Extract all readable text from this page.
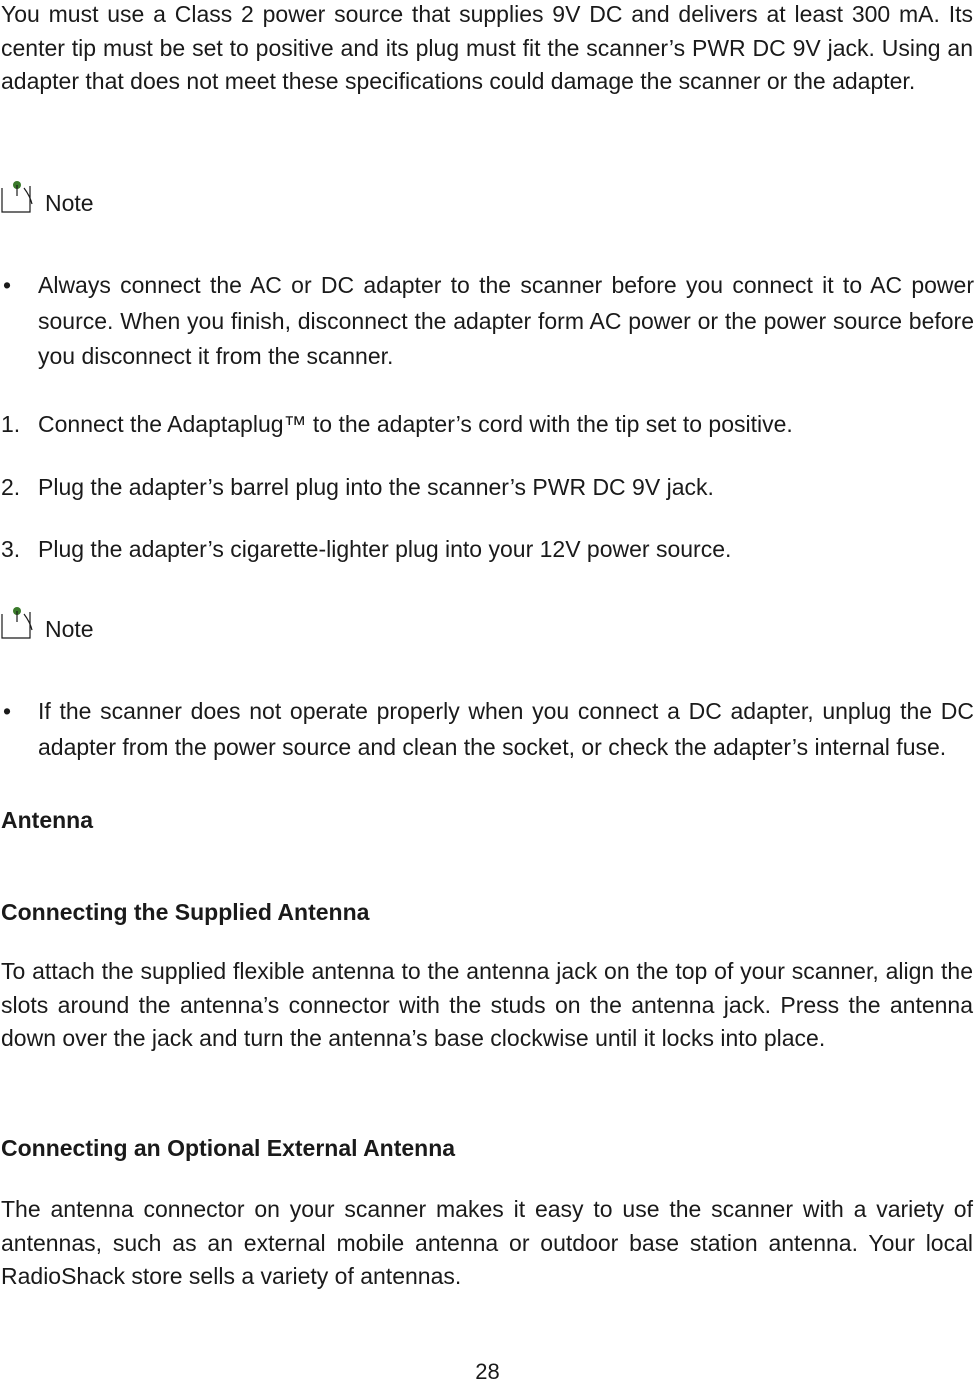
You must use a Class 2 power source that supplies 9V DC and delivers at least 300 mA. Its center tip must be set to positive and its plug must fit the scanner’s PWR DC 9V jack. Using an adapter that does not meet these specifications could damage the scanner or the adapter.

Note
• Always connect the AC or DC adapter to the scanner before you connect it to AC power source. When you finish, disconnect the adapter form AC power or the power source before you disconnect it from the scanner.
1. Connect the Adaptaplug™ to the adapter’s cord with the tip set to positive.
2. Plug the adapter’s barrel plug into the scanner’s PWR DC 9V jack.
3. Plug the adapter’s cigarette-lighter plug into your 12V power source.
Note
• If the scanner does not operate properly when you connect a DC adapter, unplug the DC adapter from the power source and clean the socket, or check the adapter’s internal fuse.

Antenna

Connecting the Supplied Antenna

To attach the supplied flexible antenna to the antenna jack on the top of your scanner, align the slots around the antenna’s connector with the studs on the antenna jack. Press the antenna down over the jack and turn the antenna’s base clockwise until it locks into place.

Connecting an Optional External Antenna

The antenna connector on your scanner makes it easy to use the scanner with a variety of antennas, such as an external mobile antenna or outdoor base station antenna. Your local RadioShack store sells a variety of antennas.

28
